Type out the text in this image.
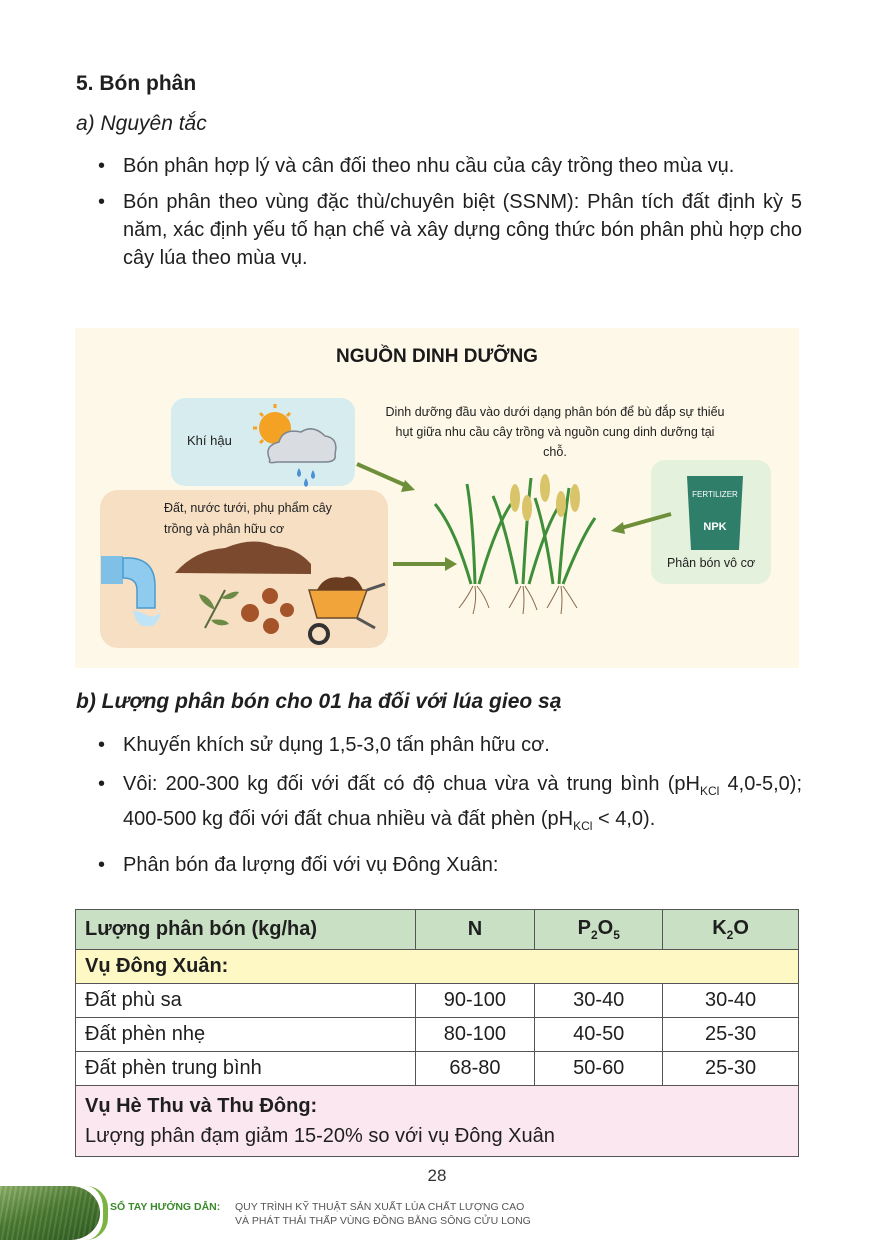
5. Bón phân
a) Nguyên tắc
• Bón phân hợp lý và cân đối theo nhu cầu của cây trồng theo mùa vụ.
• Bón phân theo vùng đặc thù/chuyên biệt (SSNM): Phân tích đất định kỳ 5 năm, xác định yếu tố hạn chế và xây dựng công thức bón phân phù hợp cho cây lúa theo mùa vụ.
NGUỒN DINH DƯỠNG
Khí hậu
Đất, nước tưới, phụ phẩm cây trồng và phân hữu cơ
Dinh dưỡng đầu vào dưới dạng phân bón để bù đắp sự thiếu hụt giữa nhu cầu cây trồng và nguồn cung dinh dưỡng tại chỗ.
Phân bón vô cơ
FERTILIZER
NPK
b) Lượng phân bón cho 01 ha đối với lúa gieo sạ
• Khuyến khích sử dụng 1,5-3,0 tấn phân hữu cơ.
• Vôi: 200-300 kg đối với đất có độ chua vừa và trung bình ($pH_{KCl}$ 4,0-5,0); 400-500 kg đối với đất chua nhiều và đất phèn $(pH_{KCl} < 4,0)$.
• Phân bón đa lượng đối với vụ Đông Xuân:
Lượng phân bón (kg/ha)	N	$P_2O_5$	$K_2O$
Vụ Đông Xuân:			
Đất phù sa	90-100	30-40	30-40
Đất phèn nhẹ	80-100	40-50	25-30
Đất phèn trung bình	68-80	50-60	25-30

Vụ Hè Thu và Thu Đông:
Lượng phân đạm giảm 15-20% so với vụ Đông Xuân			
28
SỔ TAY HƯỚNG DẪN: QUY TRÌNH KỸ THUẬT SẢN XUẤT LÚA CHẤT LƯỢNG CAO
VÀ PHÁT THẢI THẤP VÙNG ĐỒNG BẰNG SÔNG CỬU LONG
